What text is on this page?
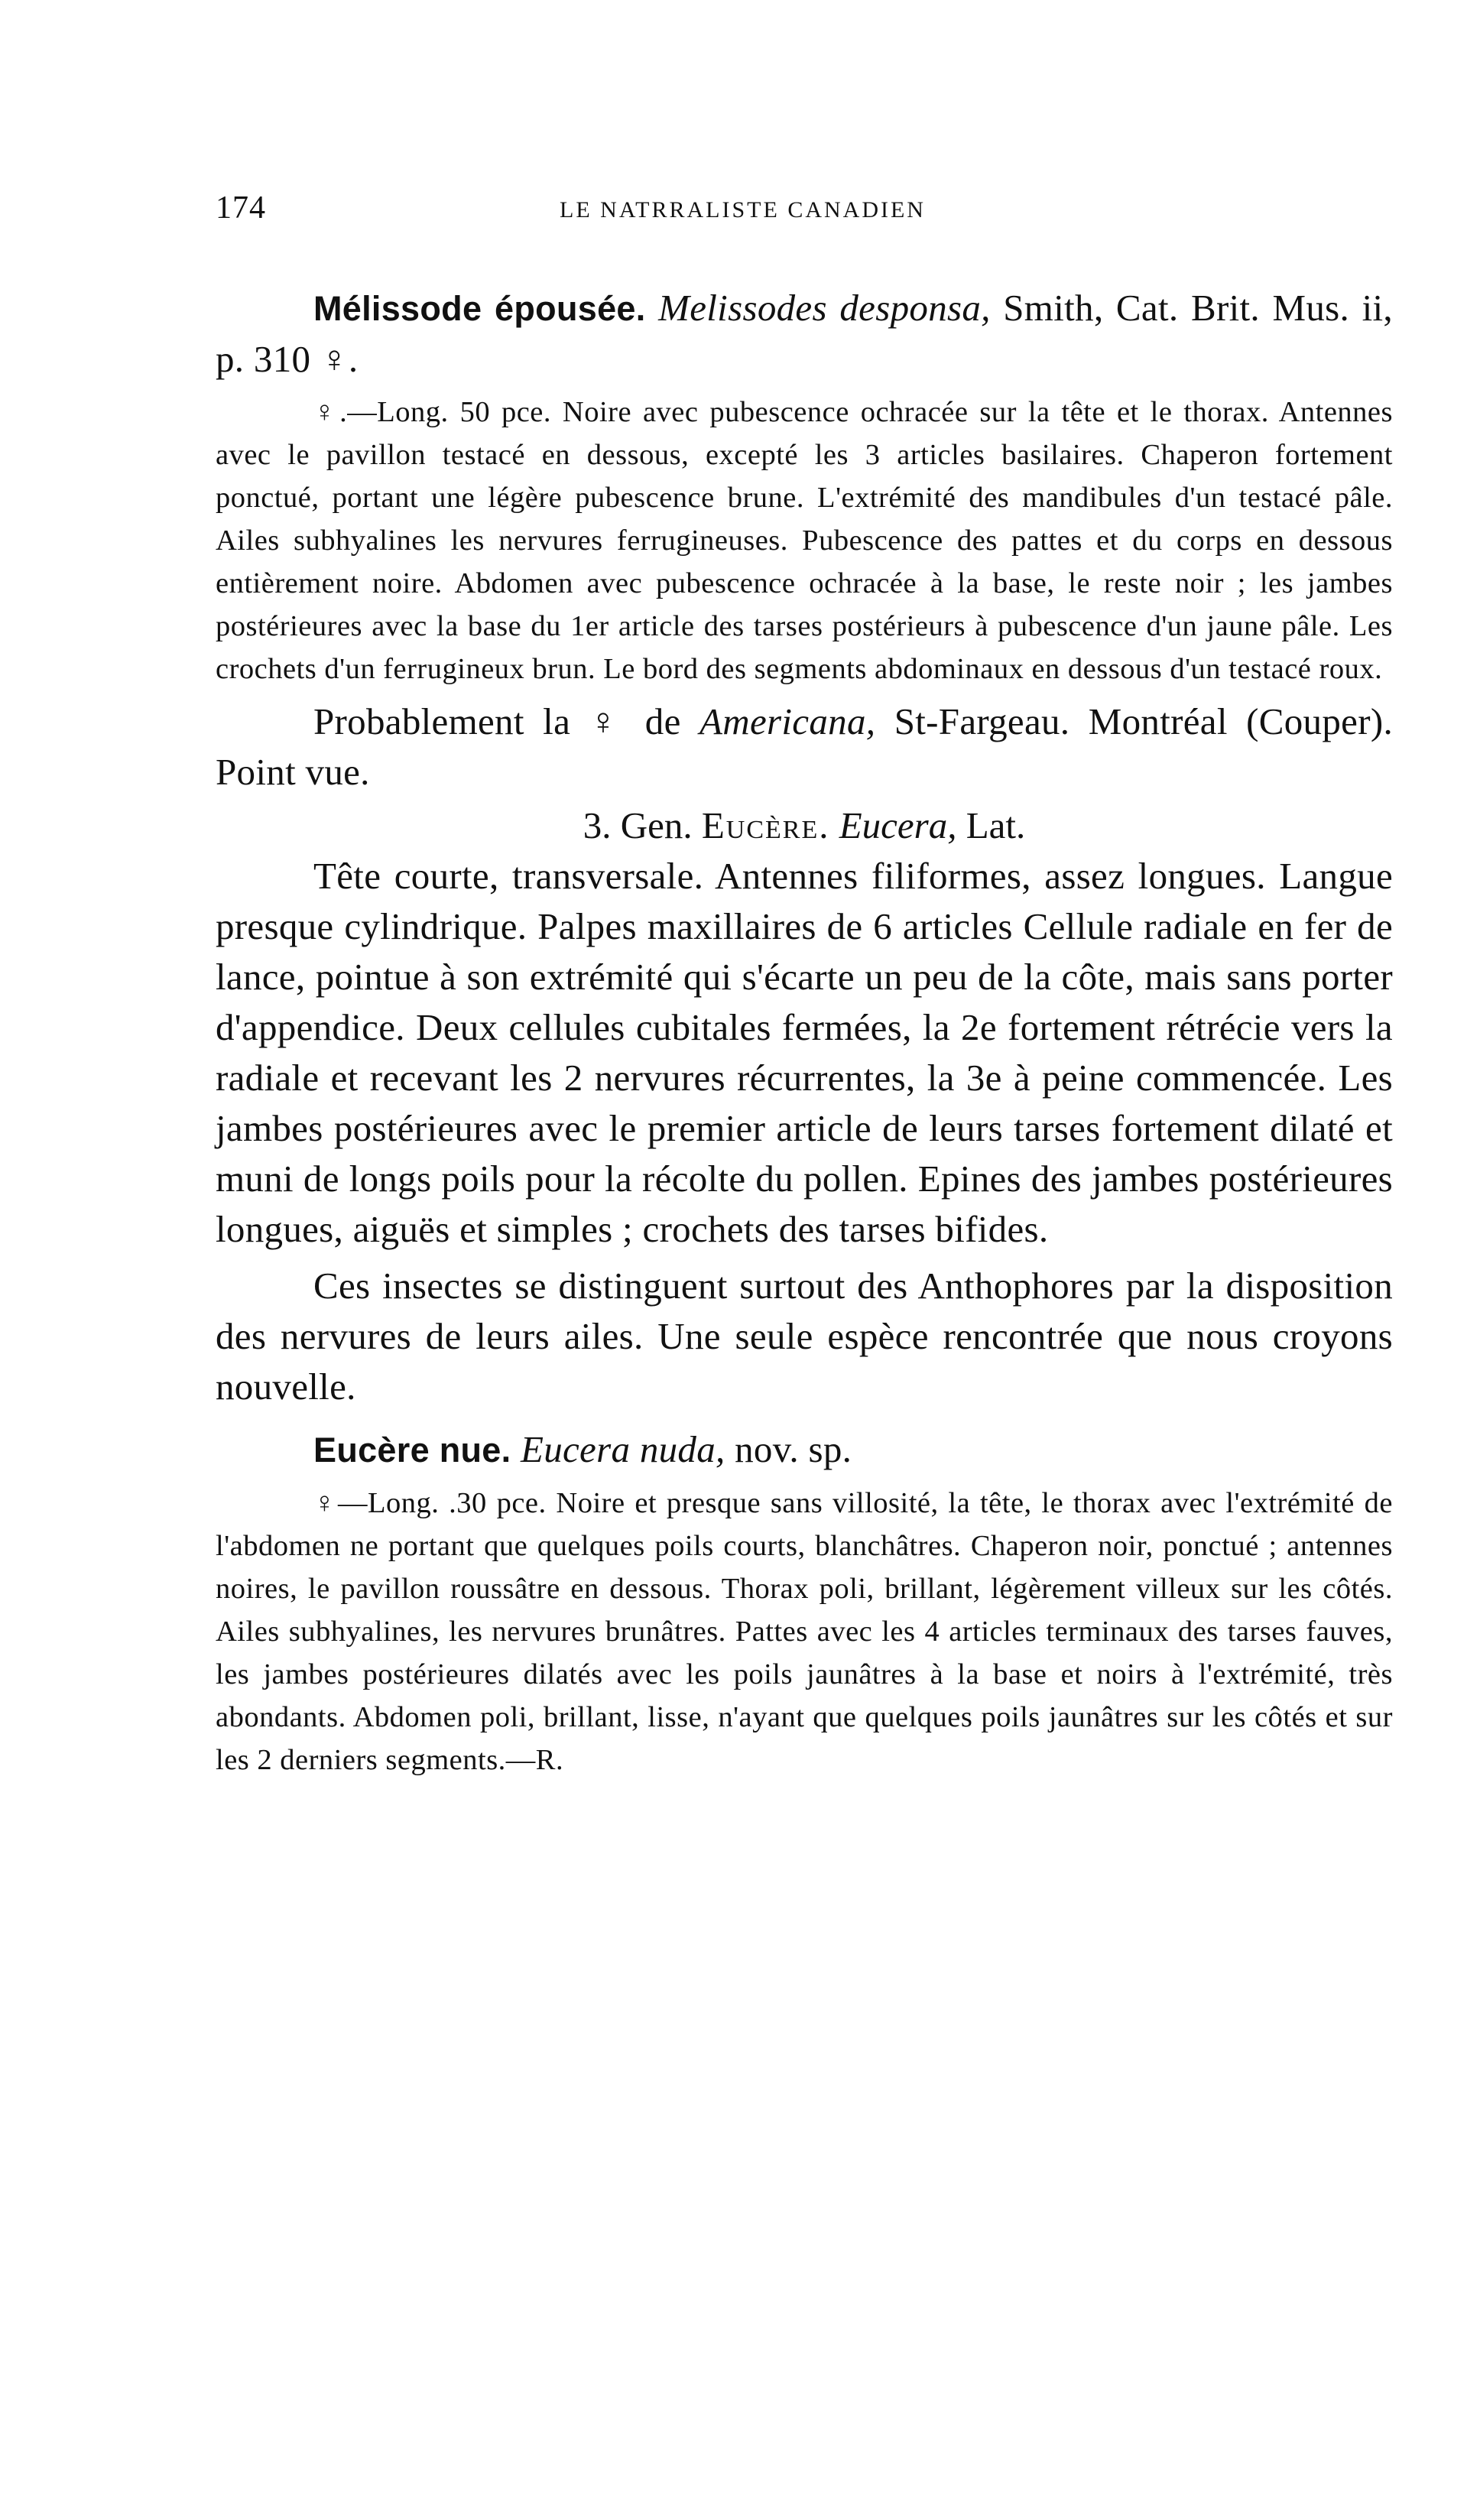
174	LE NATRRALISTE CANADIEN

Mélissode épousée. Melissodes desponsa, Smith, Cat. Brit. Mus. ii, p. 310 ♀.

♀.—Long. 50 pce. Noire avec pubescence ochracée sur la tête et le thorax. Antennes avec le pavillon testacé en dessous, excepté les 3 articles basilaires. Chaperon fortement ponctué, portant une légère pubescence brune. L'extrémité des mandibules d'un testacé pâle. Ailes subhyalines les nervures ferrugineuses. Pubescence des pattes et du corps en dessous entièrement noire. Abdomen avec pubescence ochracée à la base, le reste noir ; les jambes postérieures avec la base du 1er article des tarses postérieurs à pubescence d'un jaune pâle. Les crochets d'un ferrugineux brun. Le bord des segments abdominaux en dessous d'un testacé roux.

Probablement la ♀ de Americana, St-Fargeau. Montréal (Couper). Point vue.

3. Gen. Eucère. Eucera, Lat.

Tête courte, transversale. Antennes filiformes, assez longues. Langue presque cylindrique. Palpes maxillaires de 6 articles Cellule radiale en fer de lance, pointue à son extrémité qui s'écarte un peu de la côte, mais sans porter d'appendice. Deux cellules cubitales fermées, la 2e fortement rétrécie vers la radiale et recevant les 2 nervures récurrentes, la 3e à peine commencée. Les jambes postérieures avec le premier article de leurs tarses fortement dilaté et muni de longs poils pour la récolte du pollen. Epines des jambes postérieures longues, aiguës et simples ; crochets des tarses bifides.

Ces insectes se distinguent surtout des Anthophores par la disposition des nervures de leurs ailes. Une seule espèce rencontrée que nous croyons nouvelle.

Eucère nue. Eucera nuda, nov. sp.

♀—Long. .30 pce. Noire et presque sans villosité, la tête, le thorax avec l'extrémité de l'abdomen ne portant que quelques poils courts, blanchâtres. Chaperon noir, ponctué ; antennes noires, le pavillon roussâtre en dessous. Thorax poli, brillant, légèrement villeux sur les côtés. Ailes subhyalines, les nervures brunâtres. Pattes avec les 4 articles terminaux des tarses fauves, les jambes postérieures dilatés avec les poils jaunâtres à la base et noirs à l'extrémité, très abondants. Abdomen poli, brillant, lisse, n'ayant que quelques poils jaunâtres sur les côtés et sur les 2 derniers segments.—R.
